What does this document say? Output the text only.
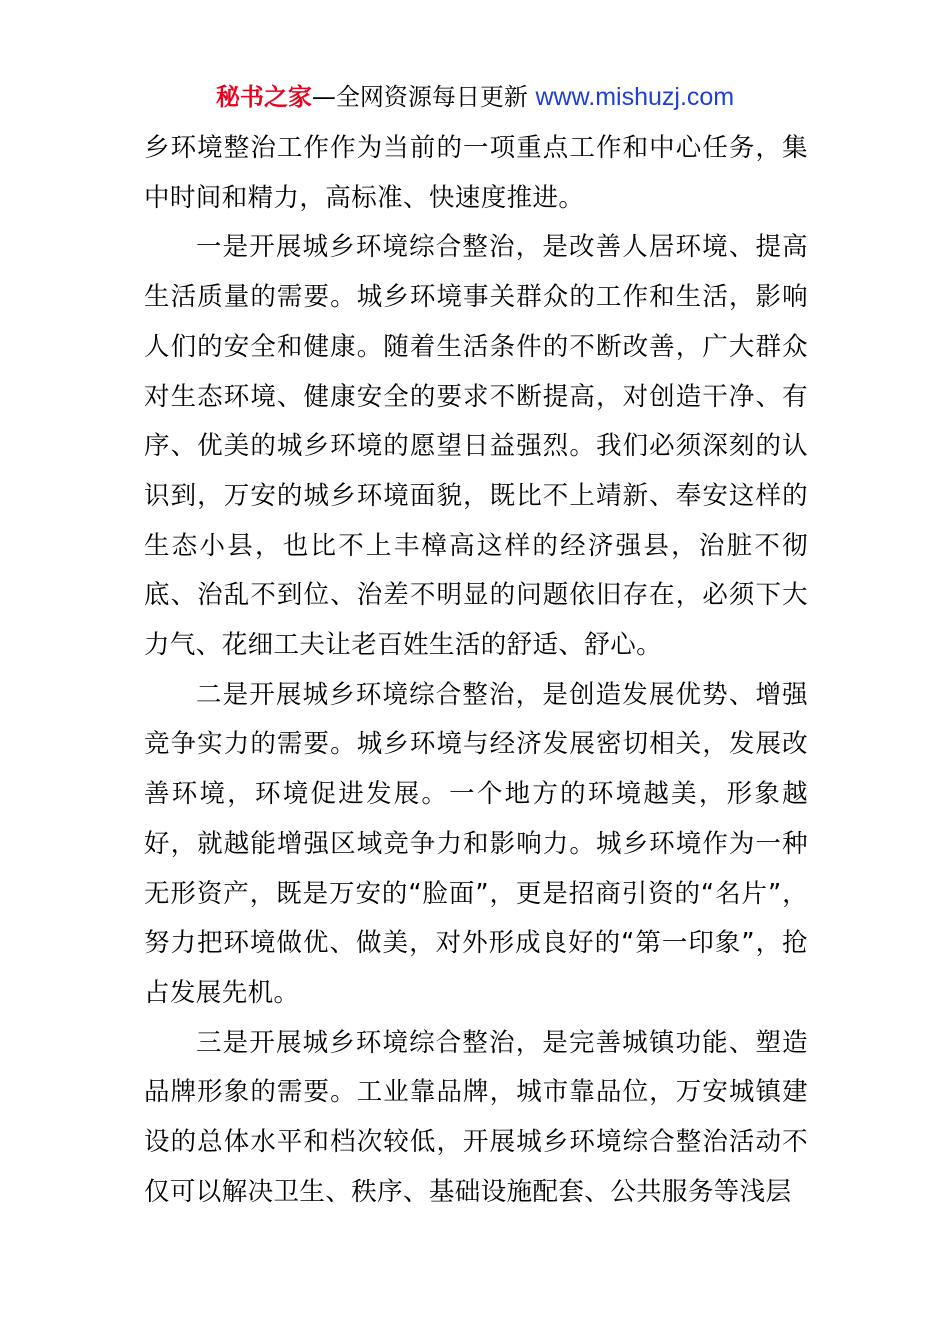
秘书之家—全网资源每日更新 www.mishuzj.com

乡环境整治工作作为当前的一项重点工作和中心任务，集中时间和精力，高标准、快速度推进。

一是开展城乡环境综合整治，是改善人居环境、提高生活质量的需要。城乡环境事关群众的工作和生活，影响人们的安全和健康。随着生活条件的不断改善，广大群众对生态环境、健康安全的要求不断提高，对创造干净、有序、优美的城乡环境的愿望日益强烈。我们必须深刻的认识到，万安的城乡环境面貌，既比不上靖新、奉安这样的生态小县，也比不上丰樟高这样的经济强县，治脏不彻底、治乱不到位、治差不明显的问题依旧存在，必须下大力气、花细工夫让老百姓生活的舒适、舒心。

二是开展城乡环境综合整治，是创造发展优势、增强竞争实力的需要。城乡环境与经济发展密切相关，发展改善环境，环境促进发展。一个地方的环境越美，形象越好，就越能增强区域竞争力和影响力。城乡环境作为一种无形资产，既是万安的“脸面”，更是招商引资的“名片”，努力把环境做优、做美，对外形成良好的“第一印象”，抢占发展先机。

三是开展城乡环境综合整治，是完善城镇功能、塑造品牌形象的需要。工业靠品牌，城市靠品位，万安城镇建设的总体水平和档次较低，开展城乡环境综合整治活动不仅可以解决卫生、秩序、基础设施配套、公共服务等浅层
